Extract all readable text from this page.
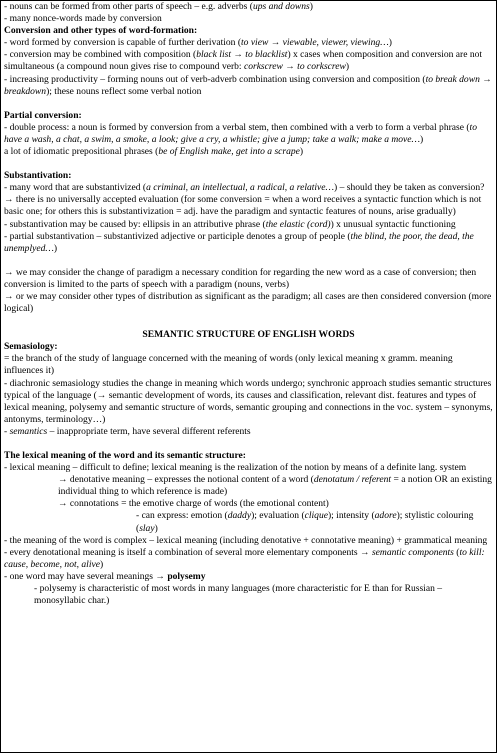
- nouns can be formed from other parts of speech – e.g. adverbs (ups and downs)
- many nonce-words made by conversion
Conversion and other types of word-formation:
- word formed by conversion is capable of further derivation (to view → viewable, viewer, viewing…)
- conversion may be combined with composition (black list → to blacklist) x cases when composition and conversion are not simultaneous (a compound noun gives rise to compound verb: corkscrew → to corkscrew)
- increasing productivity – forming nouns out of verb-adverb combination using conversion and composition (to break down → breakdown); these nouns reflect some verbal notion
Partial conversion:
- double process: a noun is formed by conversion from a verbal stem, then combined with a verb to form a verbal phrase (to have a wash, a chat, a swim, a smoke, a look; give a cry, a whistle; give a jump; take a walk; make a move…)
a lot of idiomatic prepositional phrases (be of English make, get into a scrape)
Substantivation:
- many word that are substantivized (a criminal, an intellectual, a radical, a relative…) – should they be taken as conversion?
→ there is no universally accepted evaluation (for some conversion = when a word receives a syntactic function which is not basic one; for others this is substantivization = adj. have the paradigm and syntactic features of nouns, arise gradually)
- substantivation may be caused by: ellipsis in an attributive phrase (the elastic (cord)) x unusual syntactic functioning
- partial substantivation – substantivized adjective or participle denotes a group of people (the blind, the poor, the dead, the unemplyed…)
→ we may consider the change of paradigm a necessary condition for regarding the new word as a case of conversion; then conversion is limited to the parts of speech with a paradigm (nouns, verbs)
→ or we may consider other types of distribution as significant as the paradigm; all cases are then considered conversion (more logical)
SEMANTIC STRUCTURE OF ENGLISH WORDS
Semasiology:
= the branch of the study of language concerned with the meaning of words (only lexical meaning x gramm. meaning influences it)
- diachronic semasiology studies the change in meaning which words undergo; synchronic approach studies semantic structures typical of the language (→ semantic development of words, its causes and classification, relevant dist. features and types of lexical meaning, polysemy and semantic structure of words, semantic grouping and connections in the voc. system – synonyms, antonyms, terminology…)
- semantics – inappropriate term, have several different referents
The lexical meaning of the word and its semantic structure:
- lexical meaning – difficult to define; lexical meaning is the realization of the notion by means of a definite lang. system
→ denotative meaning – expresses the notional content of a word (denotatum / referent = a notion OR an existing individual thing to which reference is made)
→ connotations = the emotive charge of words (the emotional content)
- can express: emotion (daddy); evaluation (clique); intensity (adore); stylistic colouring (slay)
- the meaning of the word is complex – lexical meaning (including denotative + connotative meaning) + grammatical meaning
- every denotational meaning is itself a combination of several more elementary components → semantic components (to kill: cause, become, not, alive)
- one word may have several meanings → polysemy
- polysemy is characteristic of most words in many languages (more characteristic for E than for Russian – monosyllabic char.)
